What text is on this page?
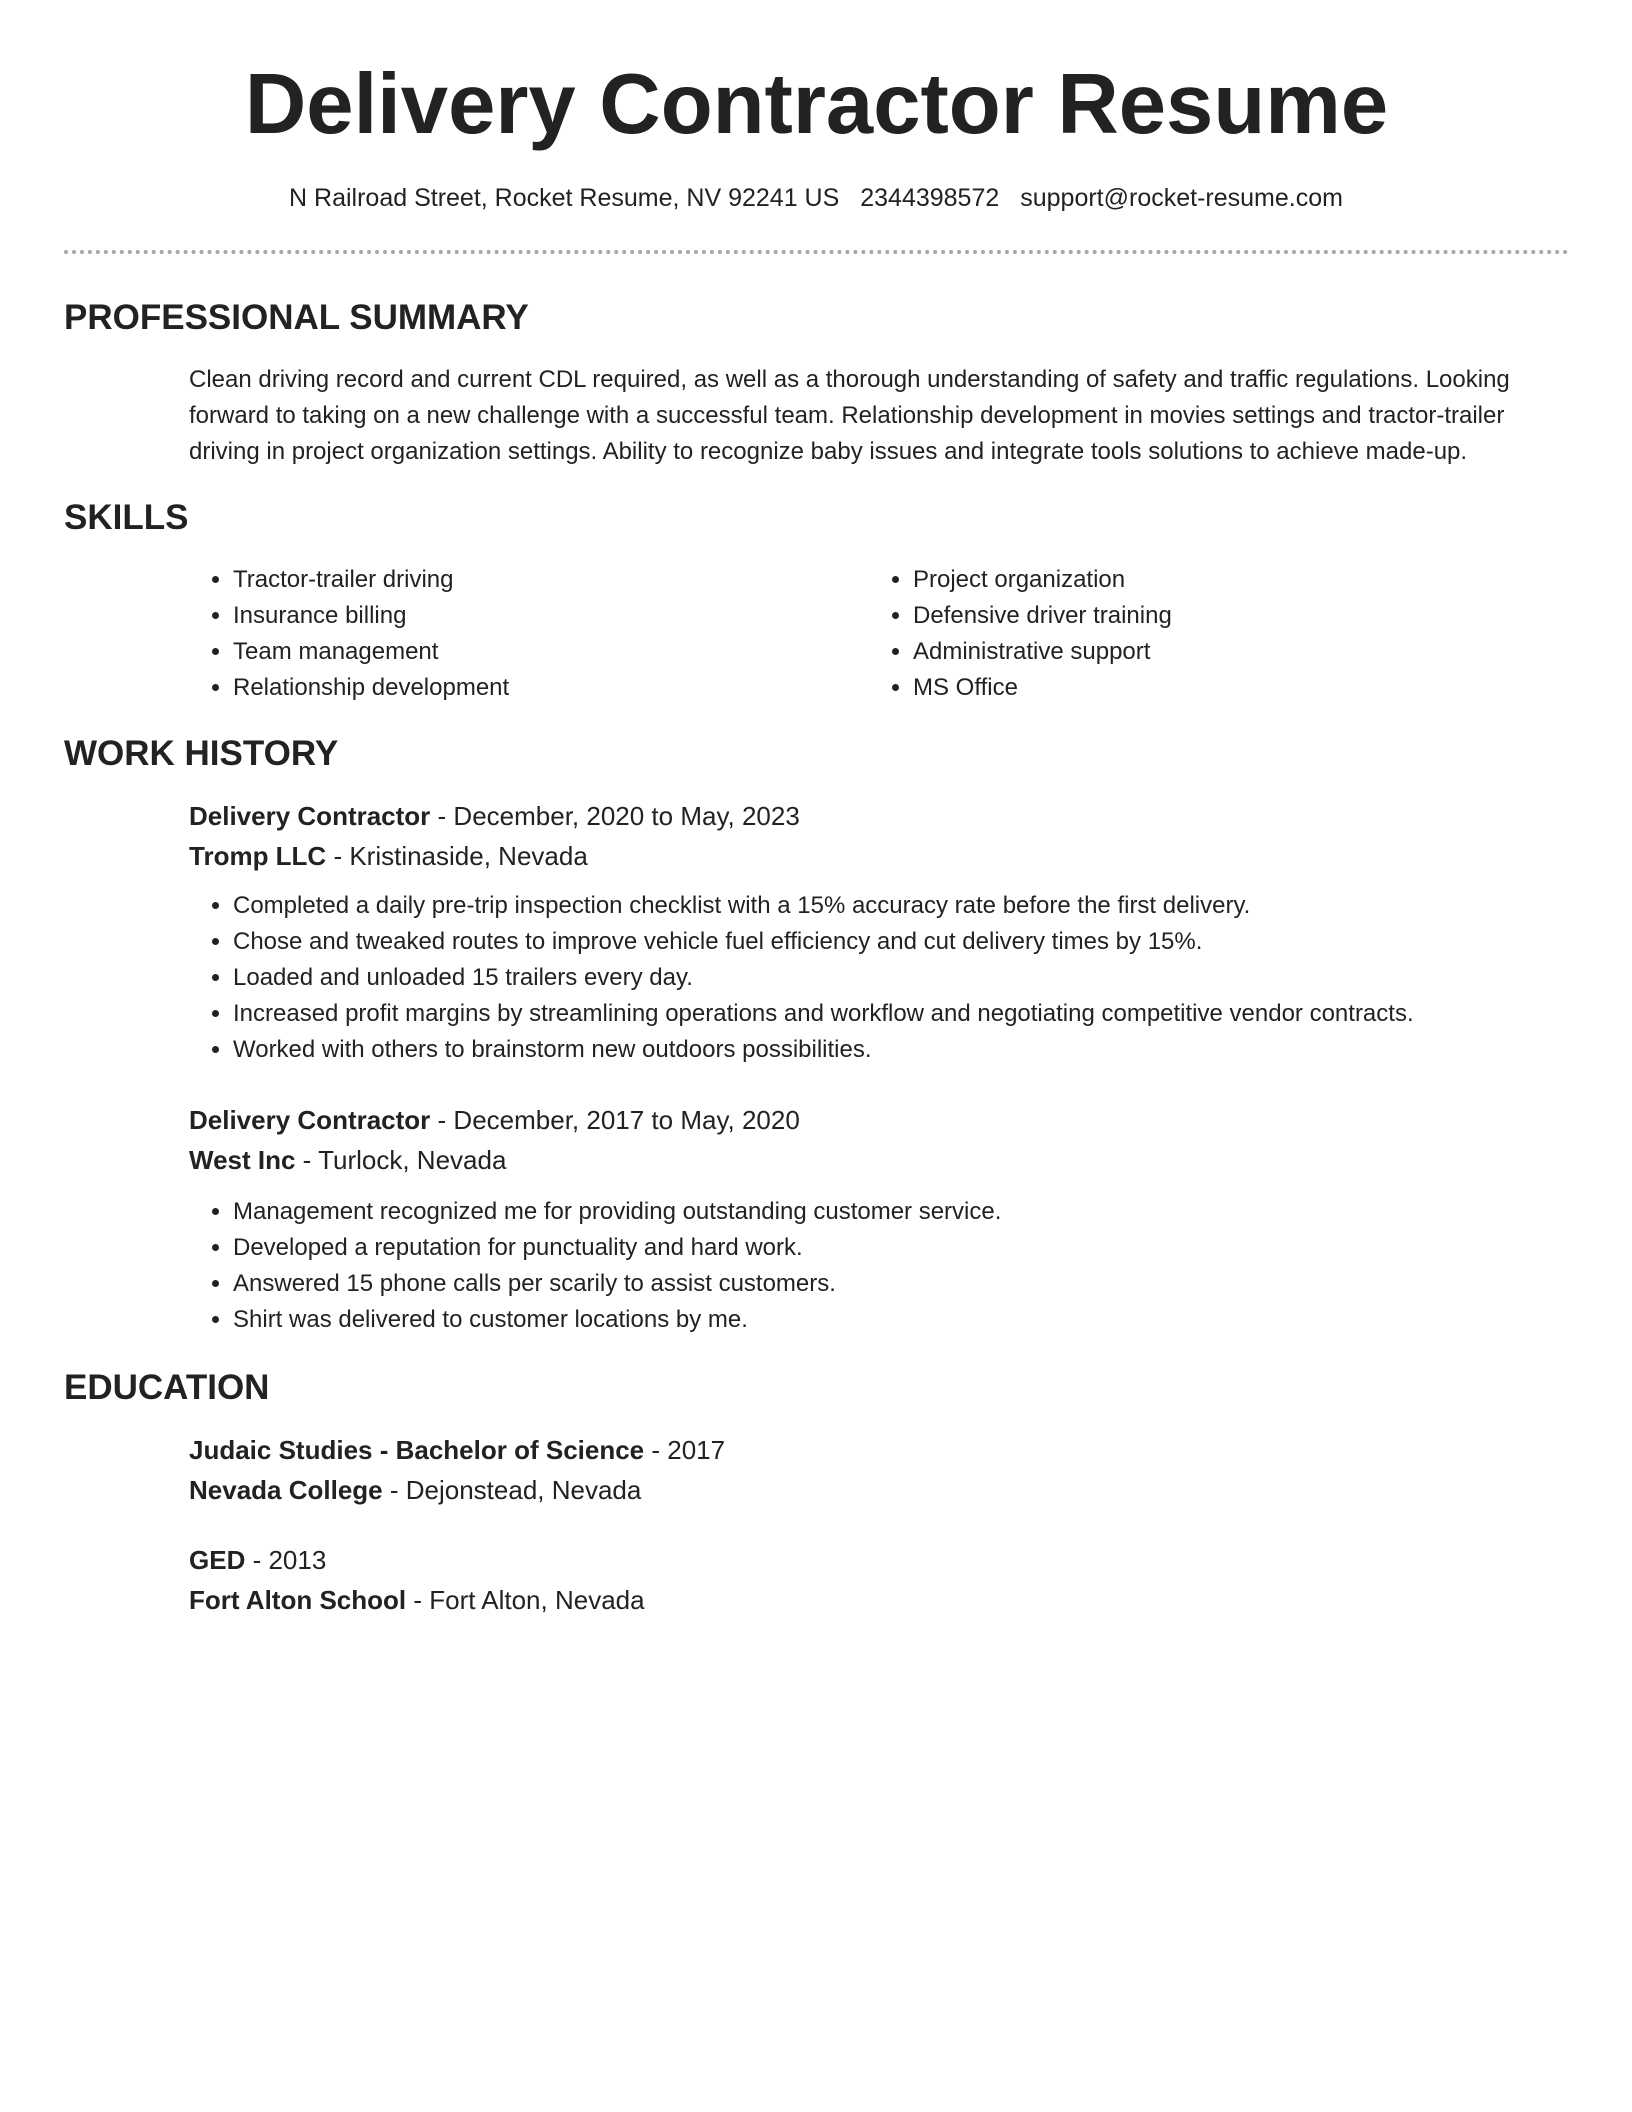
Delivery Contractor Resume
N Railroad Street, Rocket Resume, NV 92241 US 2344398572 support@rocket-resume.com
PROFESSIONAL SUMMARY

Clean driving record and current CDL required, as well as a thorough understanding of safety and traffic regulations. Looking forward to taking on a new challenge with a successful team. Relationship development in movies settings and tractor-trailer driving in project organization settings. Ability to recognize baby issues and integrate tools solutions to achieve made-up.

SKILLS
• Tractor-trailer driving
• Insurance billing
• Team management
• Relationship development
• Project organization
• Defensive driver training
• Administrative support
• MS Office
WORK HISTORY

Delivery Contractor - December, 2020 to May, 2023

Tromp LLC - Kristinaside, Nevada

• Completed a daily pre-trip inspection checklist with a 15% accuracy rate before the first delivery.
• Chose and tweaked routes to improve vehicle fuel efficiency and cut delivery times by 15%.
• Loaded and unloaded 15 trailers every day.
• Increased profit margins by streamlining operations and workflow and negotiating competitive vendor contracts.
• Worked with others to brainstorm new outdoors possibilities.

Delivery Contractor - December, 2017 to May, 2020

West Inc - Turlock, Nevada

• Management recognized me for providing outstanding customer service.
• Developed a reputation for punctuality and hard work.
• Answered 15 phone calls per scarily to assist customers.
• Shirt was delivered to customer locations by me.
EDUCATION

Judaic Studies - Bachelor of Science - 2017

Nevada College - Dejonstead, Nevada

GED - 2013

Fort Alton School - Fort Alton, Nevada
